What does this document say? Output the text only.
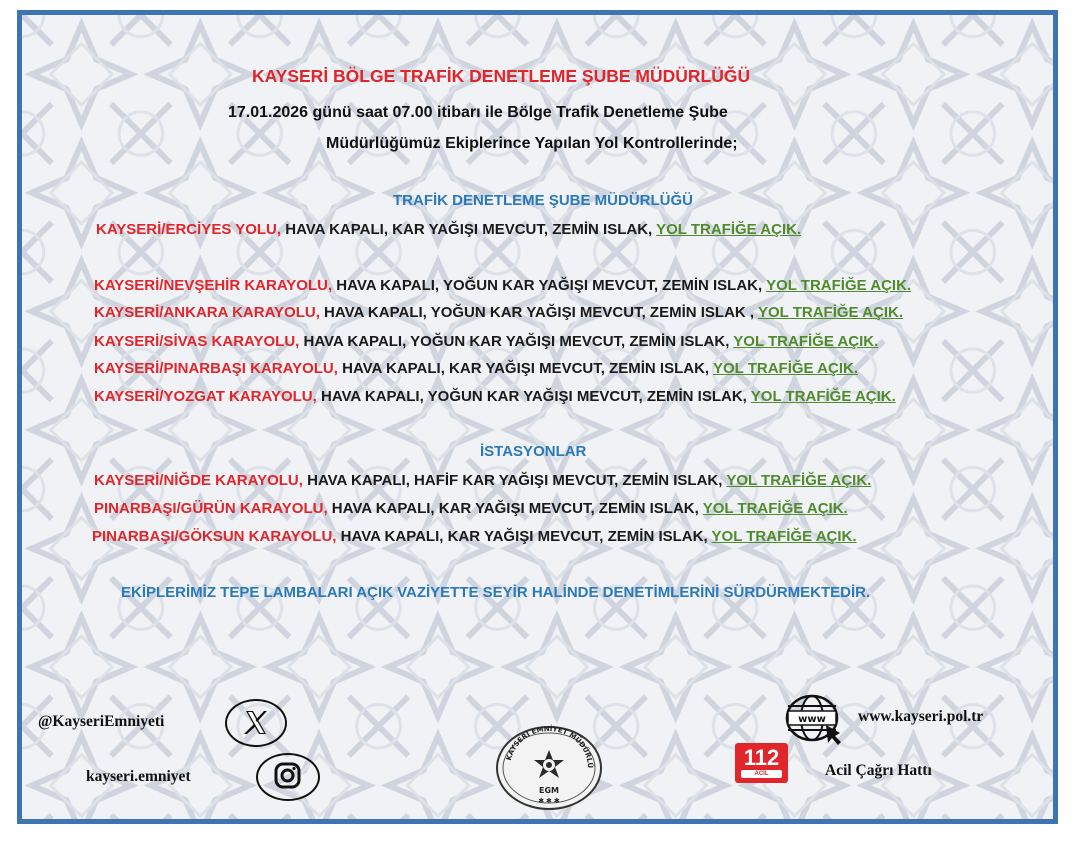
KAYSERİ BÖLGE TRAFİK DENETLEME ŞUBE MÜDÜRLÜĞÜ
17.01.2026 günü saat 07.00 itibarı ile Bölge Trafik Denetleme Şube
Müdürlüğümüz Ekiplerince Yapılan Yol Kontrollerinde;
TRAFİK DENETLEME ŞUBE MÜDÜRLÜĞÜ
KAYSERİ/ERCİYES YOLU, HAVA KAPALI, KAR YAĞIŞI MEVCUT, ZEMİN ISLAK, YOL TRAFİĞE AÇIK.
KAYSERİ/NEVŞEHİR KARAYOLU, HAVA KAPALI, YOĞUN KAR YAĞIŞI MEVCUT, ZEMİN ISLAK, YOL TRAFİĞE AÇIK.
KAYSERİ/ANKARA KARAYOLU, HAVA KAPALI, YOĞUN KAR YAĞIŞI MEVCUT, ZEMİN ISLAK , YOL TRAFİĞE AÇIK.
KAYSERİ/SİVAS KARAYOLU, HAVA KAPALI, YOĞUN KAR YAĞIŞI MEVCUT, ZEMİN ISLAK, YOL TRAFİĞE AÇIK.
KAYSERİ/PINARBAŞI KARAYOLU, HAVA KAPALI, KAR YAĞIŞI MEVCUT, ZEMİN ISLAK, YOL TRAFİĞE AÇIK.
KAYSERİ/YOZGAT KARAYOLU, HAVA KAPALI, YOĞUN KAR YAĞIŞI MEVCUT, ZEMİN ISLAK, YOL TRAFİĞE AÇIK.
İSTASYONLAR
KAYSERİ/NİĞDE KARAYOLU, HAVA KAPALI, HAFİF KAR YAĞIŞI MEVCUT, ZEMİN ISLAK, YOL TRAFİĞE AÇIK.
PINARBAŞI/GÜRÜN KARAYOLU, HAVA KAPALI, KAR YAĞIŞI MEVCUT, ZEMİN ISLAK, YOL TRAFİĞE AÇIK.
PINARBAŞI/GÖKSUN KARAYOLU, HAVA KAPALI, KAR YAĞIŞI MEVCUT, ZEMİN ISLAK, YOL TRAFİĞE AÇIK.
EKİPLERİMİZ TEPE LAMBALARI AÇIK VAZİYETTE SEYİR HALİNDE DENETİMLERİNİ SÜRDÜRMEKTEDİR.
@KayseriEmniyeti
kayseri.emniyet
KAYSERİ EMNİYET MÜDÜRLÜ
EGM
✱ ✱ ✱
www www.kayseri.pol.tr
112
ACİL	Acil Çağrı Hattı
